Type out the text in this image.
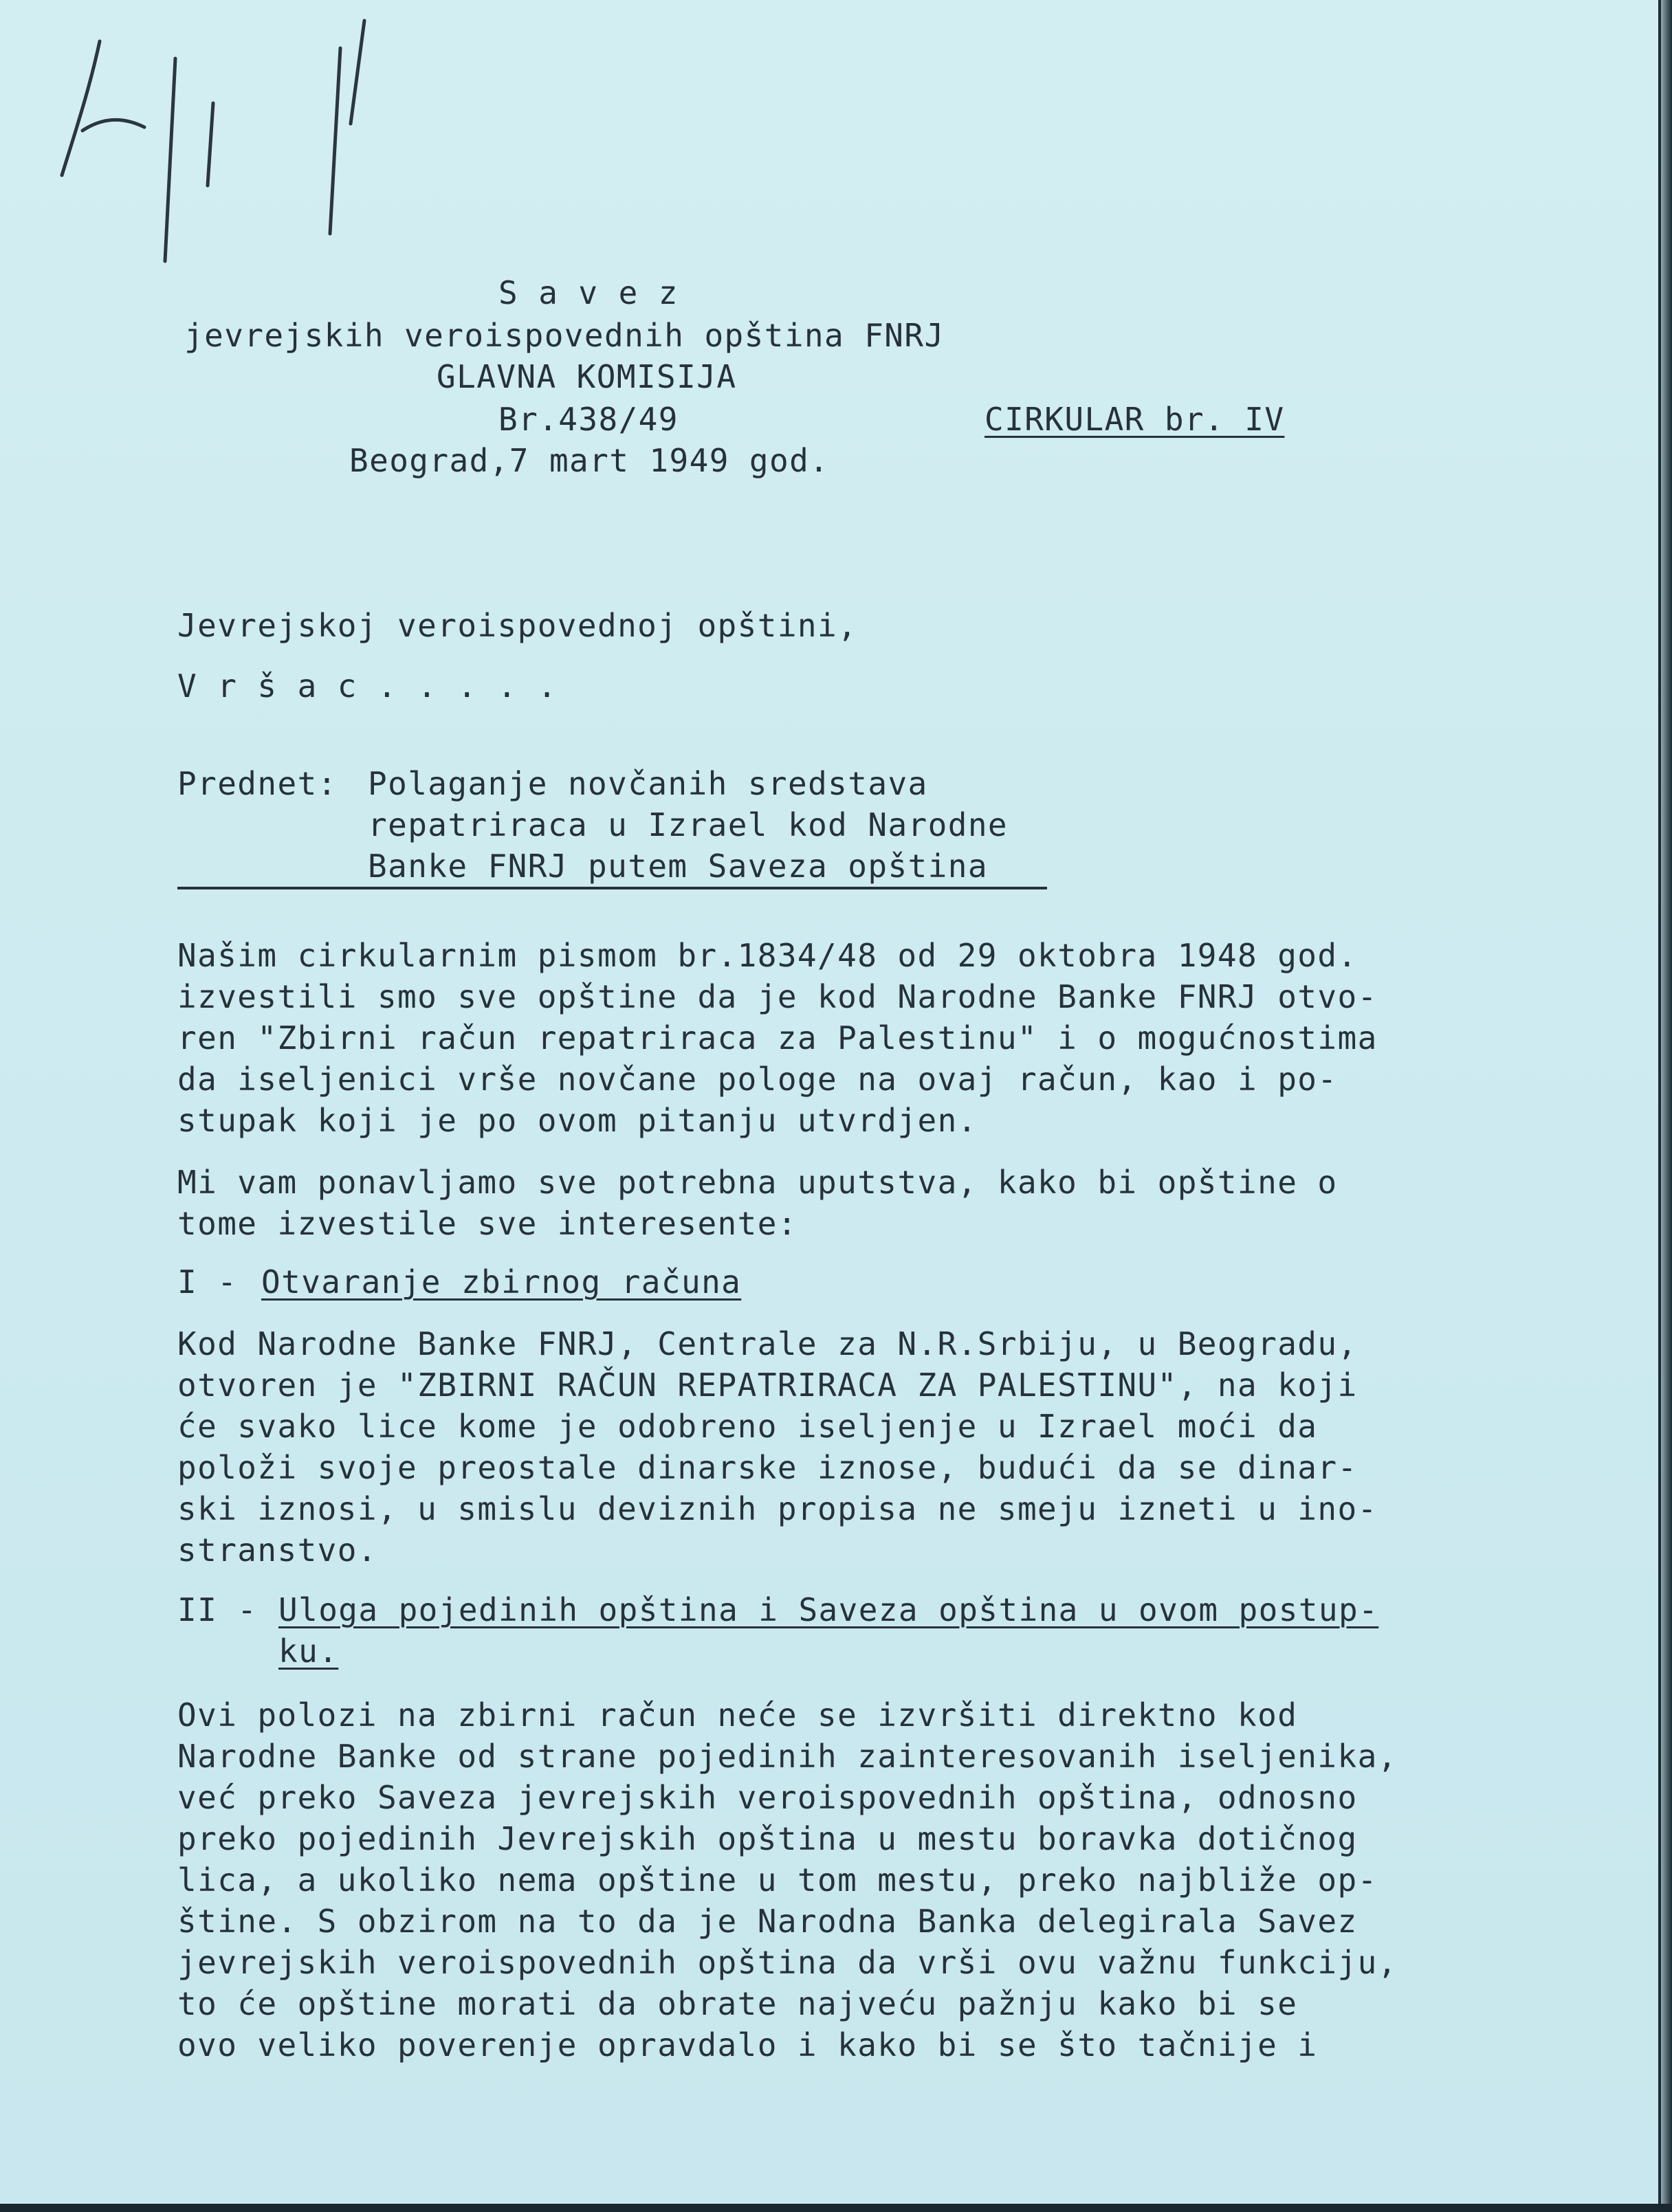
S a v e z
jevrejskih veroispovednih opština FNRJ
GLAVNA KOMISIJA
Br.438/49	CIRKULAR br. IV
Beograd,7 mart 1949 god.
Jevrejskoj veroispovednoj opštini,
V r š a c . . . . .
Prednet: Polaganje novčanih sredstava
repatriraca u Izrael kod Narodne
Banke FNRJ putem Saveza opština
Našim cirkularnim pismom br.1834/48 od 29 oktobra 1948 god.
izvestili smo sve opštine da je kod Narodne Banke FNRJ otvo-
ren "Zbirni račun repatriraca za Palestinu" i o mogućnostima
da iseljenici vrše novčane pologe na ovaj račun, kao i po-
stupak koji je po ovom pitanju utvrdjen.
Mi vam ponavljamo sve potrebna uputstva, kako bi opštine o
tome izvestile sve interesente:
I - Otvaranje zbirnog računa
Kod Narodne Banke FNRJ, Centrale za N.R.Srbiju, u Beogradu,
otvoren je "ZBIRNI RAČUN REPATRIRACA ZA PALESTINU", na koji
će svako lice kome je odobreno iseljenje u Izrael moći da
položi svoje preostale dinarske iznose, budući da se dinar-
ski iznosi, u smislu deviznih propisa ne smeju izneti u ino-
stranstvo.
II - Uloga pojedinih opština i Saveza opština u ovom postup-
ku.
Ovi polozi na zbirni račun neće se izvršiti direktno kod
Narodne Banke od strane pojedinih zainteresovanih iseljenika,
već preko Saveza jevrejskih veroispovednih opština, odnosno
preko pojedinih Jevrejskih opština u mestu boravka dotičnog
lica, a ukoliko nema opštine u tom mestu, preko najbliže op-
štine. S obzirom na to da je Narodna Banka delegirala Savez
jevrejskih veroispovednih opština da vrši ovu važnu funkciju,
to će opštine morati da obrate najveću pažnju kako bi se
ovo veliko poverenje opravdalo i kako bi se što tačnije i
